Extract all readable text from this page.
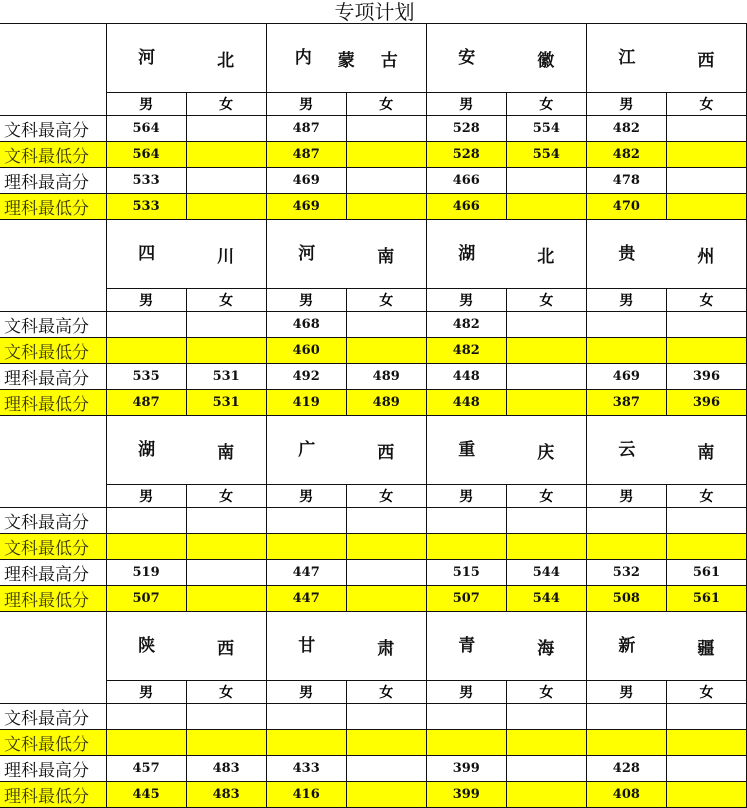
专项计划
	河 北		内 蒙 古		安 徽		江 西	
	男	女	男	女	男	女	男	女
文科最高分	564		487		528	554	482	
文科最低分	564		487		528	554	482	
理科最高分	533		469		466		478	
理科最低分	533		469		466		470	
	四 川		河 南		湖 北		贵 州	
	男	女	男	女	男	女	男	女
文科最高分			468		482			
文科最低分			460		482			
理科最高分	535	531	492	489	448		469	396
理科最低分	487	531	419	489	448		387	396
	湖 南		广 西		重 庆		云 南	
	男	女	男	女	男	女	男	女
文科最高分								
文科最低分								
理科最高分	519		447		515	544	532	561
理科最低分	507		447		507	544	508	561
	陕 西		甘 肃		青 海		新 疆	
	男	女	男	女	男	女	男	女
文科最高分								
文科最低分								
理科最高分	457	483	433		399		428	
理科最低分	445	483	416		399		408	
